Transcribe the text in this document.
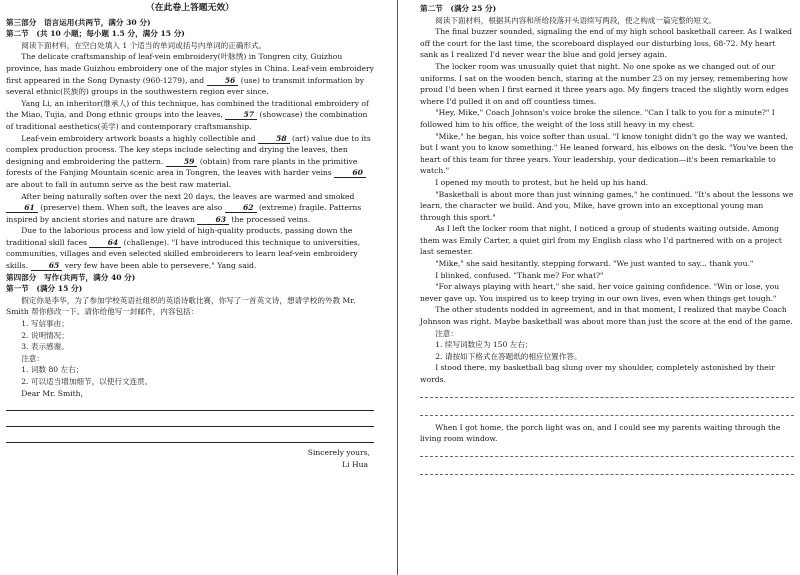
（在此卷上答题无效）

第三部分　语言运用(共两节，满分 30 分)

第二节　(共 10 小题；每小题 1.5 分，满分 15 分)

阅读下面材料，在空白处填入 1 个适当的单词或括号内单词的正确形式。

The delicate craftsmanship of leaf-vein embroidery(叶脉绣) in Tongren city, Guizhou province, has made Guizhou embroidery one of the major styles in China. Leaf-vein embroidery first appeared in the Song Dynasty (960-1279), and	56 (use) to transmit information by several ethnic(民族的) groups in the southwestern region ever since.

Yang Li, an inheritor(继承人) of this technique, has combined the traditional embroidery of the Miao, Tujia, and Dong ethnic groups into the leaves,	57 (showcase) the combination of traditional aesthetics(美学) and contemporary craftsmanship.

Leaf-vein embroidery artwork boasts a highly collectible and	58 (art) value due to its complex production process. The key steps include selecting and drying the leaves, then designing and embroidering the pattern.	59 (obtain) from rare plants in the primitive forests of the Fanjing Mountain scenic area in Tongren, the leaves with harder veins	60 are about to fall in autumn serve as the best raw material.

After being naturally soften over the next 20 days, the leaves are warmed and smoked 61 (preserve) them. When soft, the leaves are also	62 (extreme) fragile. Patterns inspired by ancient stories and nature are drawn	63 the processed veins.

Due to the laborious process and low yield of high-quality products, passing down the traditional skill faces	64 (challenge). "I have introduced this technique to universities, communities, villages and even selected skilled embroiderers to learn leaf-vein embroidery skills.	65 very few have been able to persevere," Yang said.

第四部分　写作(共两节，满分 40 分)

第一节　(满分 15 分)

假定你是李华，为了参加学校英语社组织的英语诗歌比赛，你写了一首英文诗，想请学校的外教 Mr. Smith 帮你修改一下。请你给他写一封邮件，内容包括：

1. 写信事由；

2. 说明情况；

3. 表示感谢。

注意：

1. 词数 80 左右；

2. 可以适当增加细节，以使行文连贯。

Dear Mr. Smith，

Sincerely yours,

Li Hua

第二节　(满分 25 分)

阅读下面材料，根据其内容和所给段落开头语续写两段，使之构成一篇完整的短文。

The final buzzer sounded, signaling the end of my high school basketball career. As I walked off the court for the last time, the scoreboard displayed our disturbing loss, 68-72. My heart sank as I realized I'd never wear the blue and gold jersey again.

The locker room was unusually quiet that night. No one spoke as we changed out of our uniforms. I sat on the wooden bench, staring at the number 23 on my jersey, remembering how proud I'd been when I first earned it three years ago. My fingers traced the slightly worn edges where I'd pulled it on and off countless times.

"Hey, Mike," Coach Johnson's voice broke the silence. "Can I talk to you for a minute?" I followed him to his office, the weight of the loss still heavy in my chest.

"Mike," he began, his voice softer than usual. "I know tonight didn't go the way we wanted, but I want you to know something." He leaned forward, his elbows on the desk. "You've been the heart of this team for three years. Your leadership, your dedication—it's been remarkable to watch."

I opened my mouth to protest, but he held up his hand.

"Basketball is about more than just winning games," he continued. "It's about the lessons we learn, the character we build. And you, Mike, have grown into an exceptional young man through this sport."

As I left the locker room that night, I noticed a group of students waiting outside. Among them was Emily Carter, a quiet girl from my English class who I'd partnered with on a project last semester.

"Mike," she said hesitantly, stepping forward. "We just wanted to say... thank you."

I blinked, confused. "Thank me? For what?"

"For always playing with heart," she said, her voice gaining confidence. "Win or lose, you never gave up. You inspired us to keep trying in our own lives, even when things get tough."

The other students nodded in agreement, and in that moment, I realized that maybe Coach Johnson was right. Maybe basketball was about more than just the score at the end of the game.

注意：

1. 续写词数应为 150 左右；

2. 请按如下格式在答题纸的相应位置作答。

I stood there, my basketball bag slung over my shoulder, completely astonished by their words.

When I got home, the porch light was on, and I could see my parents waiting through the living room window.
